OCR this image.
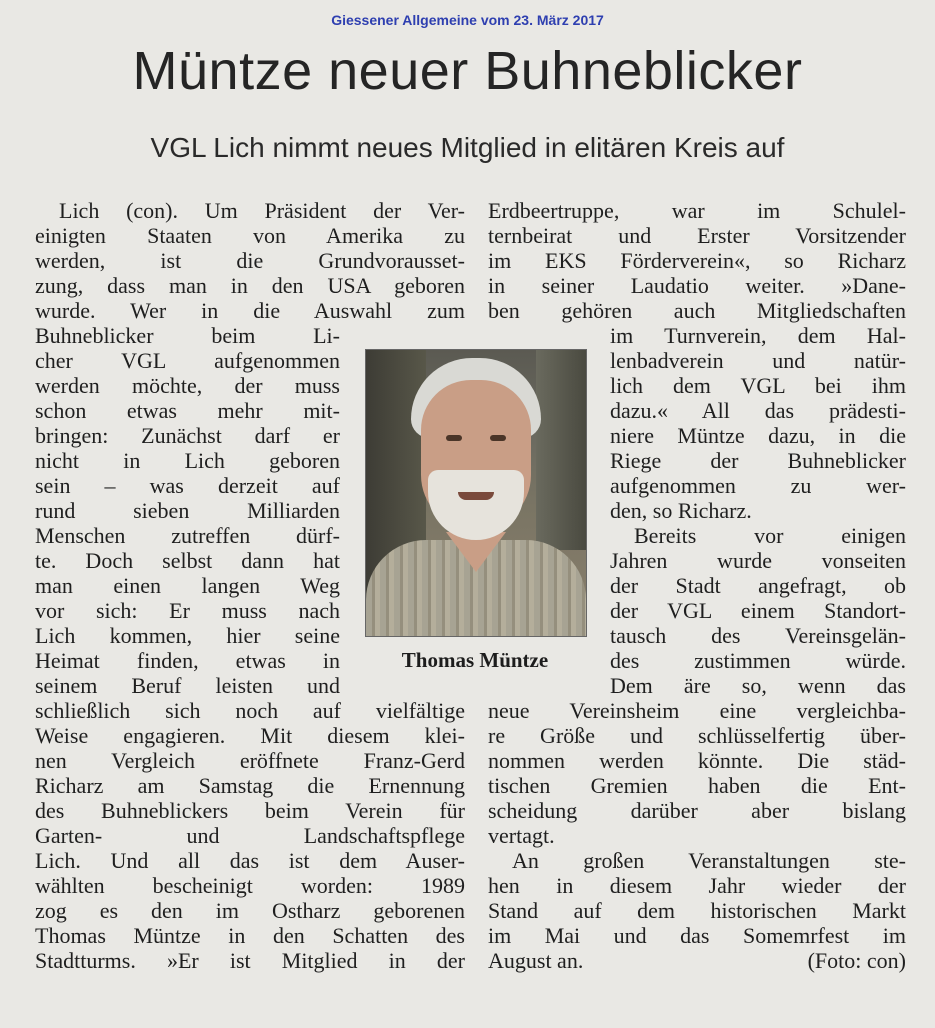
Giessener Allgemeine vom 23. März 2017
Müntze neuer Buhneblicker
VGL Lich nimmt neues Mitglied in elitären Kreis auf
Lich (con). Um Präsident der Ver-
einigten Staaten von Amerika zu
werden, ist die Grundvorausset-
zung, dass man in den USA geboren
wurde. Wer in die Auswahl zum
Buhneblicker beim Li-
cher VGL aufgenommen
werden möchte, der muss
schon etwas mehr mit-
bringen: Zunächst darf er
nicht in Lich geboren
sein – was derzeit auf
rund sieben Milliarden
Menschen zutreffen dürf-
te. Doch selbst dann hat
man einen langen Weg
vor sich: Er muss nach
Lich kommen, hier seine
Heimat finden, etwas in
seinem Beruf leisten und
schließlich sich noch auf vielfältige
Weise engagieren. Mit diesem klei-
nen Vergleich eröffnete Franz-Gerd
Richarz am Samstag die Ernennung
des Buhneblickers beim Verein für
Garten- und Landschaftspflege
Lich. Und all das ist dem Auser-
wählten bescheinigt worden: 1989
zog es den im Ostharz geborenen
Thomas Müntze in den Schatten des
Stadtturms. »Er ist Mitglied in der
Thomas Müntze
Erdbeertruppe, war im Schulel-
ternbeirat und Erster Vorsitzender
im EKS Förderverein«, so Richarz
in seiner Laudatio weiter. »Dane-
ben gehören auch Mitgliedschaften
im Turnverein, dem Hal-
lenbadverein und natür-
lich dem VGL bei ihm
dazu.« All das prädesti-
niere Müntze dazu, in die
Riege der Buhneblicker
aufgenommen zu wer-
den, so Richarz.
Bereits vor einigen
Jahren wurde vonseiten
der Stadt angefragt, ob
der VGL einem Standort-
tausch des Vereinsgelän-
des zustimmen würde.
Dem äre so, wenn das
neue Vereinsheim eine vergleichba-
re Größe und schlüsselfertig über-
nommen werden könnte. Die städ-
tischen Gremien haben die Ent-
scheidung darüber aber bislang
vertagt.
An großen Veranstaltungen ste-
hen in diesem Jahr wieder der
Stand auf dem historischen Markt
im Mai und das Somemrfest im
August an.	(Foto: con)
